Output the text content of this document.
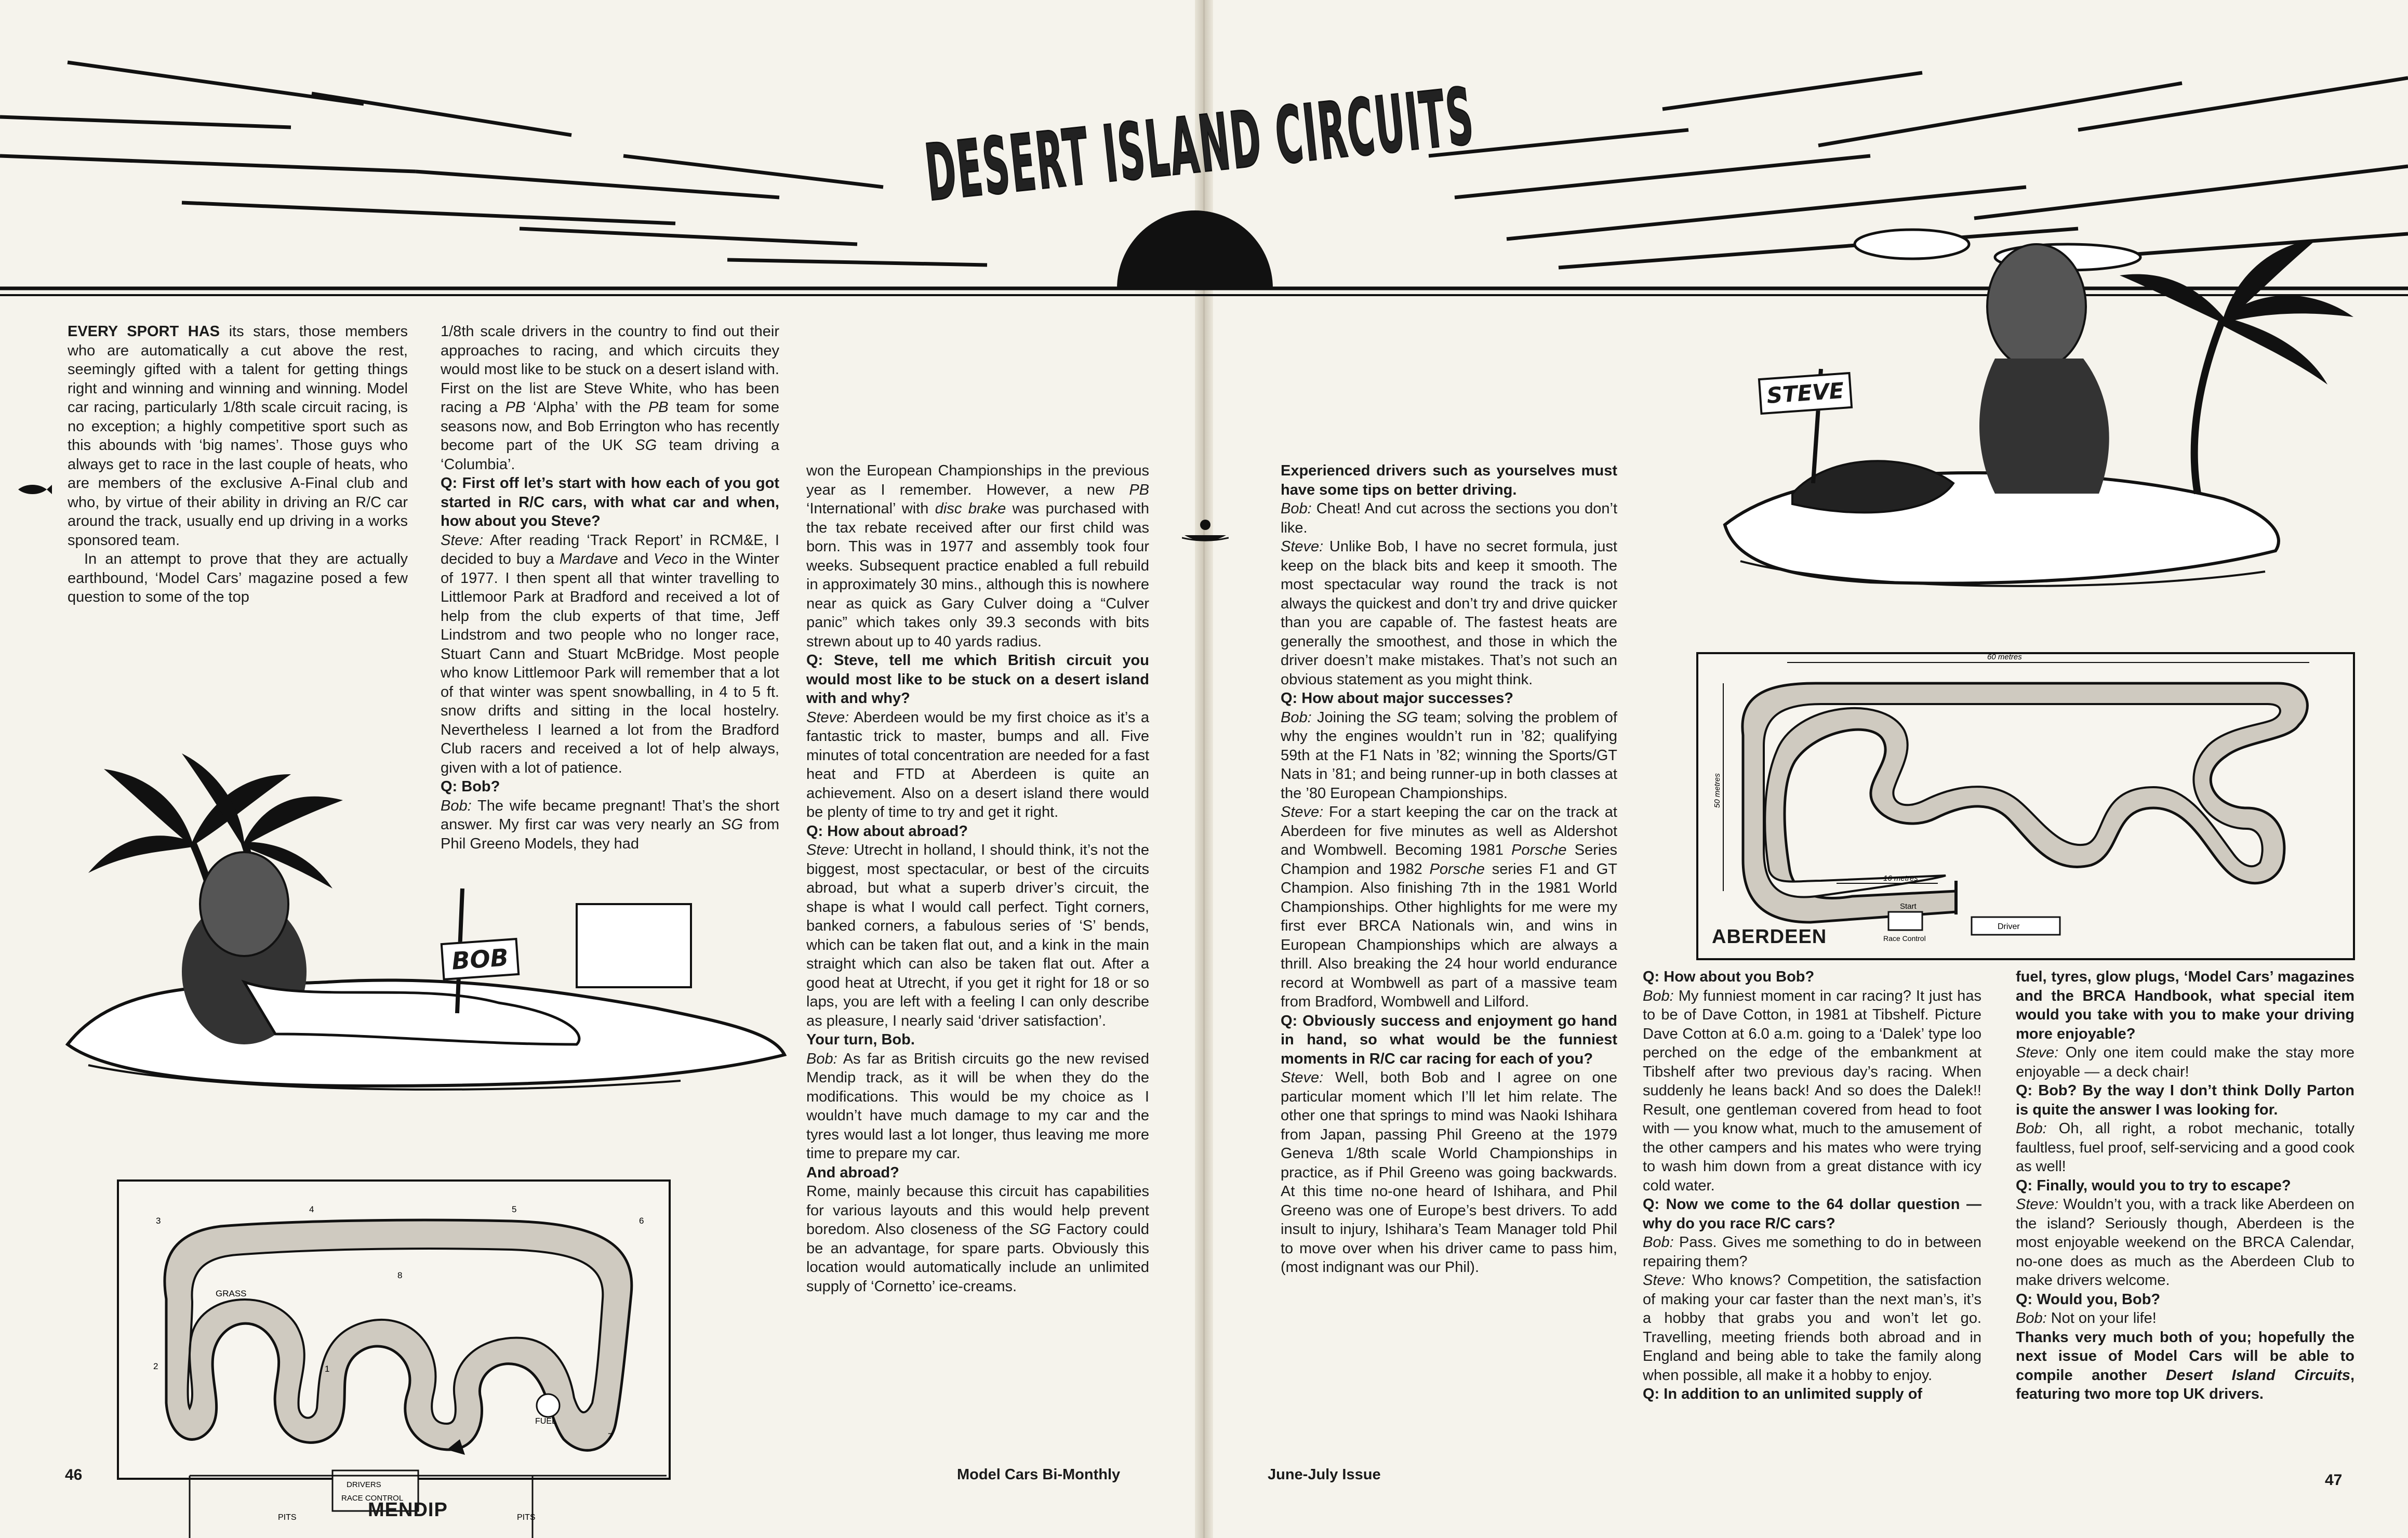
DESERT ISLAND CIRCUITS

EVERY SPORT HAS its stars, those members who are automatically a cut above the rest, seemingly gifted with a talent for getting things right and winning and winning and winning. Model car racing, particularly 1/8th scale circuit racing, is no exception; a highly competitive sport such as this abounds with ‘big names’. Those guys who always get to race in the last couple of heats, who are members of the exclusive A-Final club and who, by virtue of their ability in driving an R/C car around the track, usually end up driving in a works sponsored team.

In an attempt to prove that they are actually earthbound, ‘Model Cars’ magazine posed a few question to some of the top

1/8th scale drivers in the country to find out their approaches to racing, and which circuits they would most like to be stuck on a desert island with. First on the list are Steve White, who has been racing a PB ‘Alpha’ with the PB team for some seasons now, and Bob Errington who has recently become part of the UK SG team driving a ‘Columbia’.

Q: First off let’s start with how each of you got started in R/C cars, with what car and when, how about you Steve?

Steve: After reading ‘Track Report’ in RCM&E, I decided to buy a Mardave and Veco in the Winter of 1977. I then spent all that winter travelling to Littlemoor Park at Bradford and received a lot of help from the club experts of that time, Jeff Lindstrom and two people who no longer race, Stuart Cann and Stuart McBridge. Most people who know Littlemoor Park will remember that a lot of that winter was spent snowballing, in 4 to 5 ft. snow drifts and sitting in the local hostelry. Nevertheless I learned a lot from the Bradford Club racers and received a lot of help always, given with a lot of patience.

Q: Bob?

Bob: The wife became pregnant! That’s the short answer. My first car was very nearly an SG from Phil Greeno Models, they had

won the European Championships in the previous year as I remember. However, a new PB ‘International’ with disc brake was purchased with the tax rebate received after our first child was born. This was in 1977 and assembly took four weeks. Subsequent practice enabled a full rebuild in approximately 30 mins., although this is nowhere near as quick as Gary Culver doing a “Culver panic” which takes only 39.3 seconds with bits strewn about up to 40 yards radius.

Q: Steve, tell me which British circuit you would most like to be stuck on a desert island with and why?

Steve: Aberdeen would be my first choice as it’s a fantastic trick to master, bumps and all. Five minutes of total concentration are needed for a fast heat and FTD at Aberdeen is quite an achievement. Also on a desert island there would be plenty of time to try and get it right.

Q: How about abroad?

Steve: Utrecht in holland, I should think, it’s not the biggest, most spectacular, or best of the circuits abroad, but what a superb driver’s circuit, the shape is what I would call perfect. Tight corners, banked corners, a fabulous series of ‘S’ bends, which can be taken flat out, and a kink in the main straight which can also be taken flat out. After a good heat at Utrecht, if you get it right for 18 or so laps, you are left with a feeling I can only describe as pleasure, I nearly said ‘driver satisfaction’.

Your turn, Bob.

Bob: As far as British circuits go the new revised Mendip track, as it will be when they do the modifications. This would be my choice as I wouldn’t have much damage to my car and the tyres would last a lot longer, thus leaving me more time to prepare my car.

And abroad?

Rome, mainly because this circuit has capabilities for various layouts and this would help prevent boredom. Also closeness of the SG Factory could be an advantage, for spare parts. Obviously this location would automatically include an unlimited supply of ‘Cornetto’ ice-creams.

Experienced drivers such as yourselves must have some tips on better driving.

Bob: Cheat! And cut across the sections you don’t like.

Steve: Unlike Bob, I have no secret formula, just keep on the black bits and keep it smooth. The most spectacular way round the track is not always the quickest and don’t try and drive quicker than you are capable of. The fastest heats are generally the smoothest, and those in which the driver doesn’t make mistakes. That’s not such an obvious statement as you might think.

Q: How about major successes?

Bob: Joining the SG team; solving the problem of why the engines wouldn’t run in ’82; qualifying 59th at the F1 Nats in ’82; winning the Sports/GT Nats in ’81; and being runner-up in both classes at the ’80 European Championships.

Steve: For a start keeping the car on the track at Aberdeen for five minutes as well as Aldershot and Wombwell. Becoming 1981 Porsche Series Champion and 1982 Porsche series F1 and GT Champion. Also finishing 7th in the 1981 World Championships. Other highlights for me were my first ever BRCA Nationals win, and wins in European Championships which are always a thrill. Also breaking the 24 hour world endurance record at Wombwell as part of a massive team from Bradford, Wombwell and Lilford.

Q: Obviously success and enjoyment go hand in hand, so what would be the funniest moments in R/C car racing for each of you?

Steve: Well, both Bob and I agree on one particular moment which I’ll let him relate. The other one that springs to mind was Naoki Ishihara from Japan, passing Phil Greeno at the 1979 Geneva 1/8th scale World Championships in practice, as if Phil Greeno was going backwards. At this time no-one heard of Ishihara, and Phil Greeno was one of Europe’s best drivers. To add insult to injury, Ishihara’s Team Manager told Phil to move over when his driver came to pass him, (most indignant was our Phil).

Q: How about you Bob?

Bob: My funniest moment in car racing? It just has to be of Dave Cotton, in 1981 at Tibshelf. Picture Dave Cotton at 6.0 a.m. going to a ‘Dalek’ type loo perched on the edge of the embankment at Tibshelf after two previous day’s racing. When suddenly he leans back! And so does the Dalek!! Result, one gentleman covered from head to foot with — you know what, much to the amusement of the other campers and his mates who were trying to wash him down from a great distance with icy cold water.

Q: Now we come to the 64 dollar question — why do you race R/C cars?

Bob: Pass. Gives me something to do in between repairing them?

Steve: Who knows? Competition, the satisfaction of making your car faster than the next man’s, it’s a hobby that grabs you and won’t let go. Travelling, meeting friends both abroad and in England and being able to take the family along when possible, all make it a hobby to enjoy.

Q: In addition to an unlimited supply of

fuel, tyres, glow plugs, ‘Model Cars’ magazines and the BRCA Handbook, what special item would you take with you to make your driving more enjoyable?

Steve: Only one item could make the stay more enjoyable — a deck chair!

Q: Bob? By the way I don’t think Dolly Parton is quite the answer I was looking for.

Bob: Oh, all right, a robot mechanic, totally faultless, fuel proof, self-servicing and a good cook as well!

Q: Finally, would you to try to escape?

Steve: Wouldn’t you, with a track like Aberdeen on the island? Seriously though, Aberdeen is the most enjoyable weekend on the BRCA Calendar, no-one does as much as the Aberdeen Club to make drivers welcome.

Q: Would you, Bob?

Bob: Not on your life!

Thanks very much both of you; hopefully the next issue of Model Cars will be able to compile another Desert Island Circuits, featuring two more top UK drivers.

BOB
STEVE
GRASS
DRIVERS
RACE CONTROL
PITS	PITS
FUEL
1
2
3
4	5
6
7
8
MENDIP
60 metres
50 metres
16 metres
Start
Race Control
Driver
ABERDEEN
46	Model Cars Bi-Monthly	June-July Issue	47
